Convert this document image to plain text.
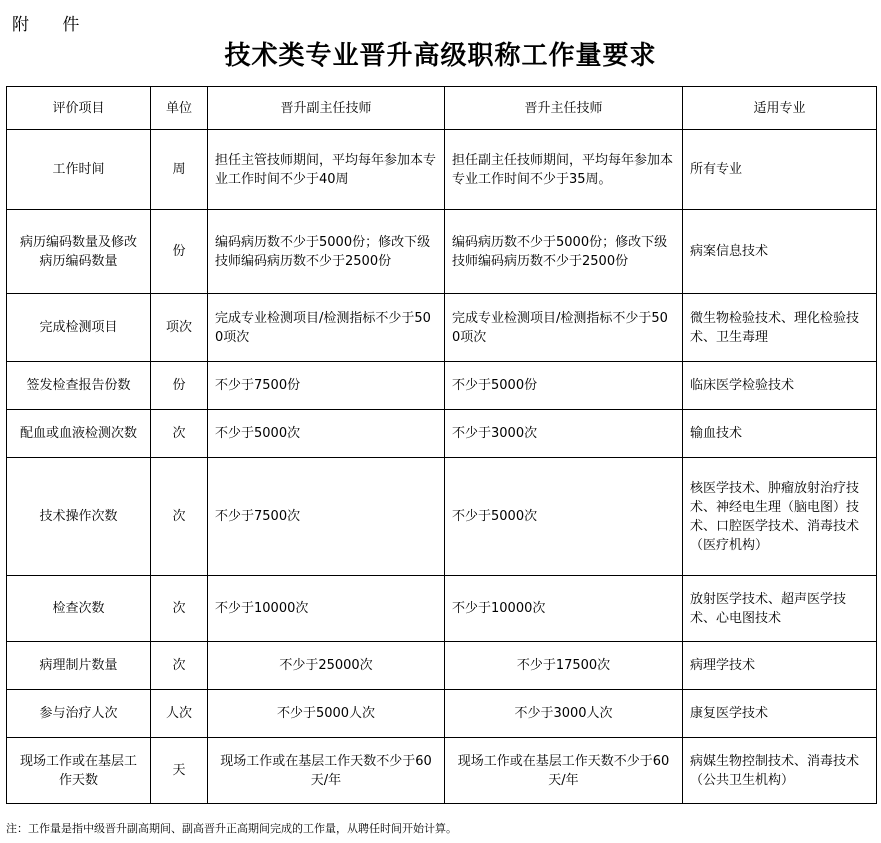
附 件
技术类专业晋升高级职称工作量要求
评价项目	单位	晋升副主任技师	晋升主任技师	适用专业
工作时间	周	担任主管技师期间，平均每年参加本专业工作时间不少于40周	担任副主任技师期间，平均每年参加本专业工作时间不少于35周。	所有专业
病历编码数量及修改病历编码数量	份	编码病历数不少于5000份；修改下级技师编码病历数不少于2500份	编码病历数不少于5000份；修改下级技师编码病历数不少于2500份	病案信息技术
完成检测项目	项次	完成专业检测项目/检测指标不少于500项次	完成专业检测项目/检测指标不少于500项次	微生物检验技术、理化检验技术、卫生毒理
签发检查报告份数	份	不少于7500份	不少于5000份	临床医学检验技术
配血或血液检测次数	次	不少于5000次	不少于3000次	输血技术
技术操作次数	次	不少于7500次	不少于5000次	核医学技术、肿瘤放射治疗技术、神经电生理（脑电图）技术、口腔医学技术、消毒技术（医疗机构）
检查次数	次	不少于10000次	不少于10000次	放射医学技术、超声医学技术、心电图技术
病理制片数量	次	不少于25000次	不少于17500次	病理学技术
参与治疗人次	人次	不少于5000人次	不少于3000人次	康复医学技术
现场工作或在基层工作天数	天	现场工作或在基层工作天数不少于60天/年	现场工作或在基层工作天数不少于60天/年	病媒生物控制技术、消毒技术（公共卫生机构）
注：工作量是指中级晋升副高期间、副高晋升正高期间完成的工作量，从聘任时间开始计算。
